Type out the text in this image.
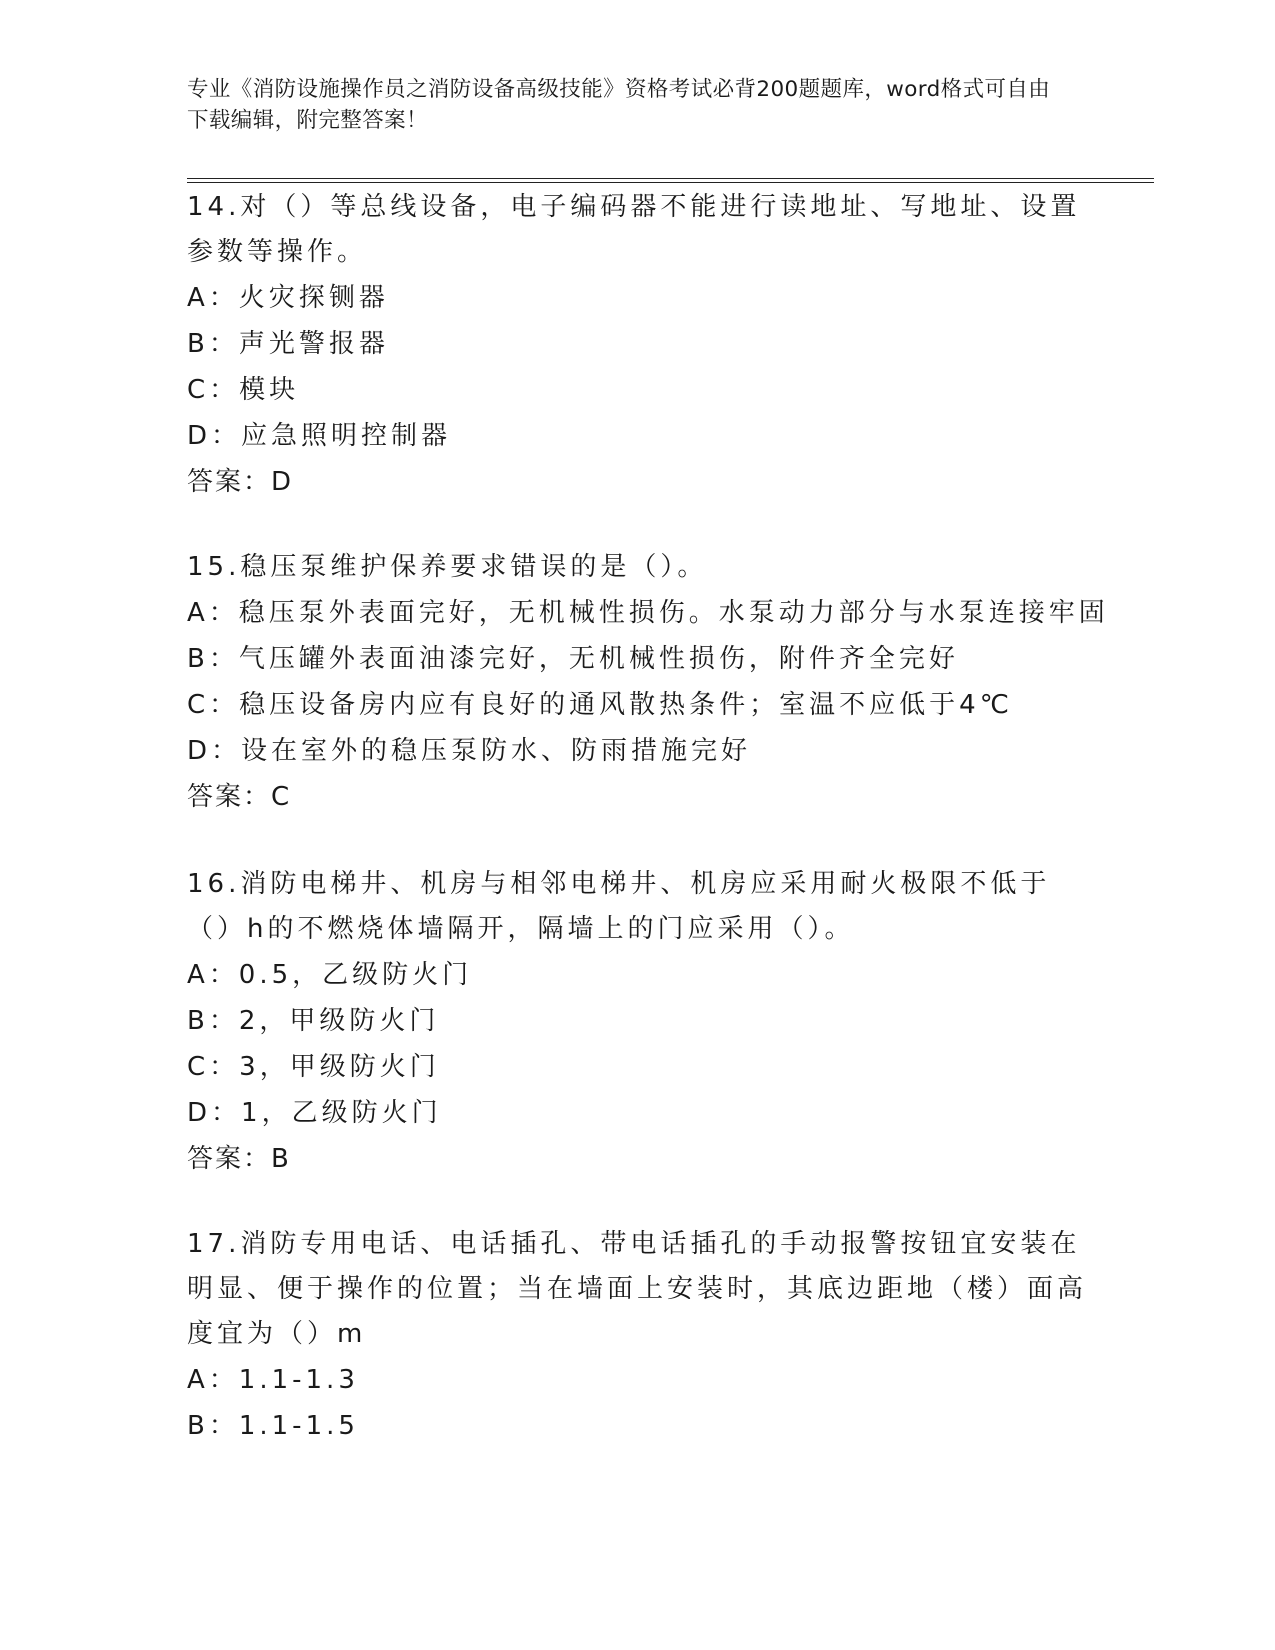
专业《消防设施操作员之消防设备高级技能》资格考试必背200题题库，word格式可自由下载编辑，附完整答案！
14.对（）等总线设备，电子编码器不能进行读地址、写地址、设置参数等操作。
A：火灾探铡器
B：声光警报器
C：模块
D：应急照明控制器
答案：D
15.稳压泵维护保养要求错误的是（）。
A：稳压泵外表面完好，无机械性损伤。水泵动力部分与水泵连接牢固
B：气压罐外表面油漆完好，无机械性损伤，附件齐全完好
C：稳压设备房内应有良好的通风散热条件；室温不应低于4℃
D：设在室外的稳压泵防水、防雨措施完好
答案：C
16.消防电梯井、机房与相邻电梯井、机房应采用耐火极限不低于（）h的不燃烧体墙隔开，隔墙上的门应采用（）。
A：0.5，乙级防火门
B：2，甲级防火门
C：3，甲级防火门
D：1，乙级防火门
答案：B
17.消防专用电话、电话插孔、带电话插孔的手动报警按钮宜安装在明显、便于操作的位置；当在墙面上安装时，其底边距地（楼）面高度宜为（）m
A：1.1-1.3
B：1.1-1.5
